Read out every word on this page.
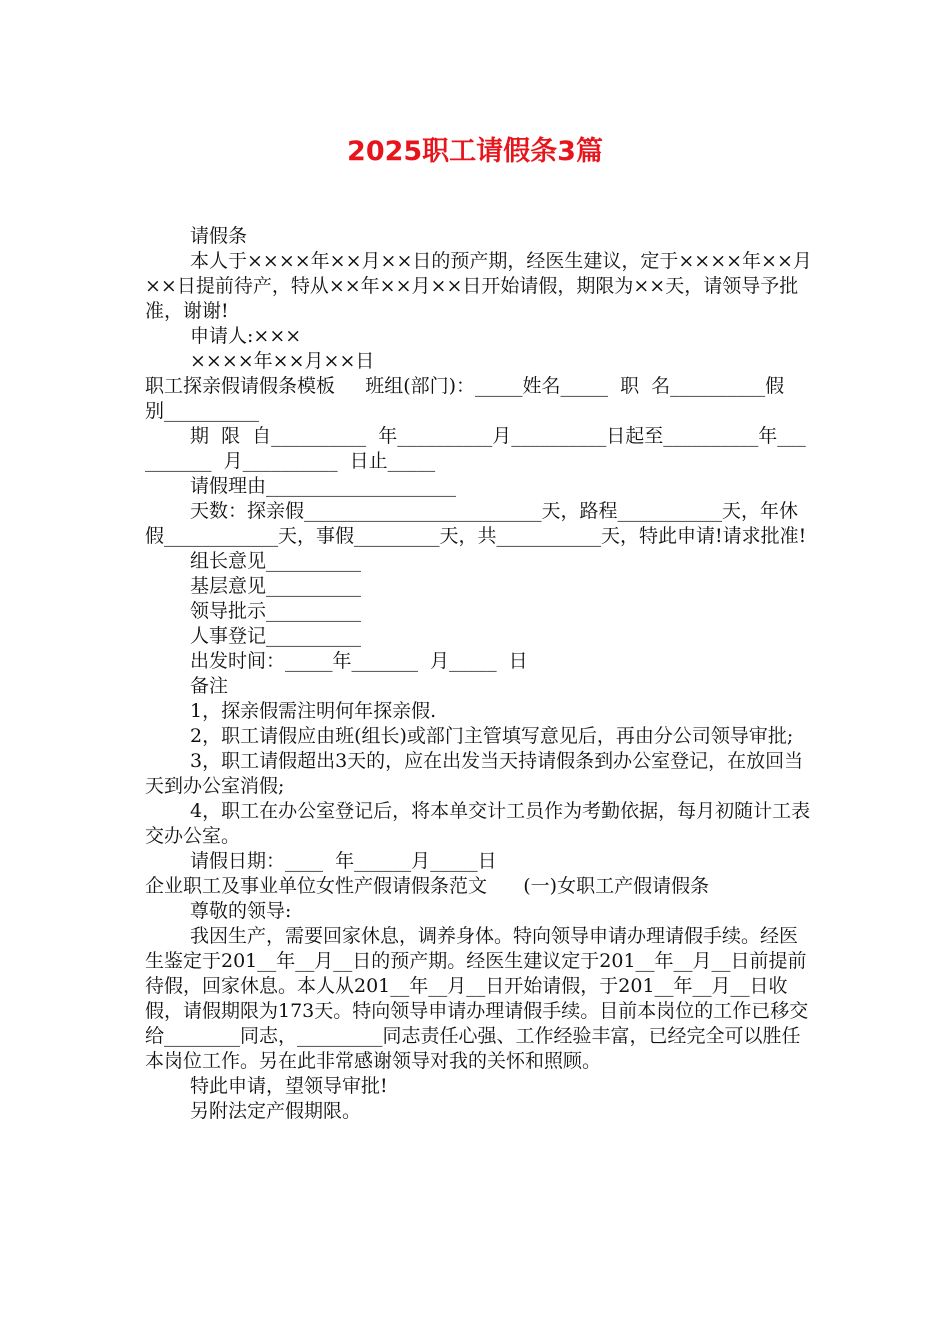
2025职工请假条3篇

请假条

本人于××××年××月××日的预产期，经医生建议，定于××××年××月××日提前待产，特从××年××月××日开始请假，期限为××天，请领导予批准，谢谢!

申请人:×××

××××年××月××日

职工探亲假请假条模板     班组(部门)：_____姓名_____  职  名__________假  别__________

期  限  自__________  年__________月__________日起至__________年__________  月__________  日止_____

请假理由____________________

天数：探亲假_________________________天，路程___________天，年休假____________天，事假_________天，共___________天，特此申请!请求批准!

组长意见__________

基层意见__________

领导批示__________

人事登记__________

出发时间：_____年_______  月_____  日

备注

1，探亲假需注明何年探亲假.

2，职工请假应由班(组长)或部门主管填写意见后，再由分公司领导审批;

3，职工请假超出3天的，应在出发当天持请假条到办公室登记，在放回当天到办公室消假;

4，职工在办公室登记后，将本单交计工员作为考勤依据，每月初随计工表交办公室。

请假日期：____  年______月_____日

企业职工及事业单位女性产假请假条范文      (一)女职工产假请假条

尊敬的领导:

我因生产，需要回家休息，调养身体。特向领导申请办理请假手续。经医生鉴定于201__年__月__日的预产期。经医生建议定于201__年__月__日前提前待假，回家休息。本人从201__年__月__日开始请假，于201__年__月__日收假，请假期限为173天。特向领导申请办理请假手续。目前本岗位的工作已移交给________同志，_________同志责任心强、工作经验丰富，已经完全可以胜任本岗位工作。另在此非常感谢领导对我的关怀和照顾。

特此申请，望领导审批!

另附法定产假期限。
